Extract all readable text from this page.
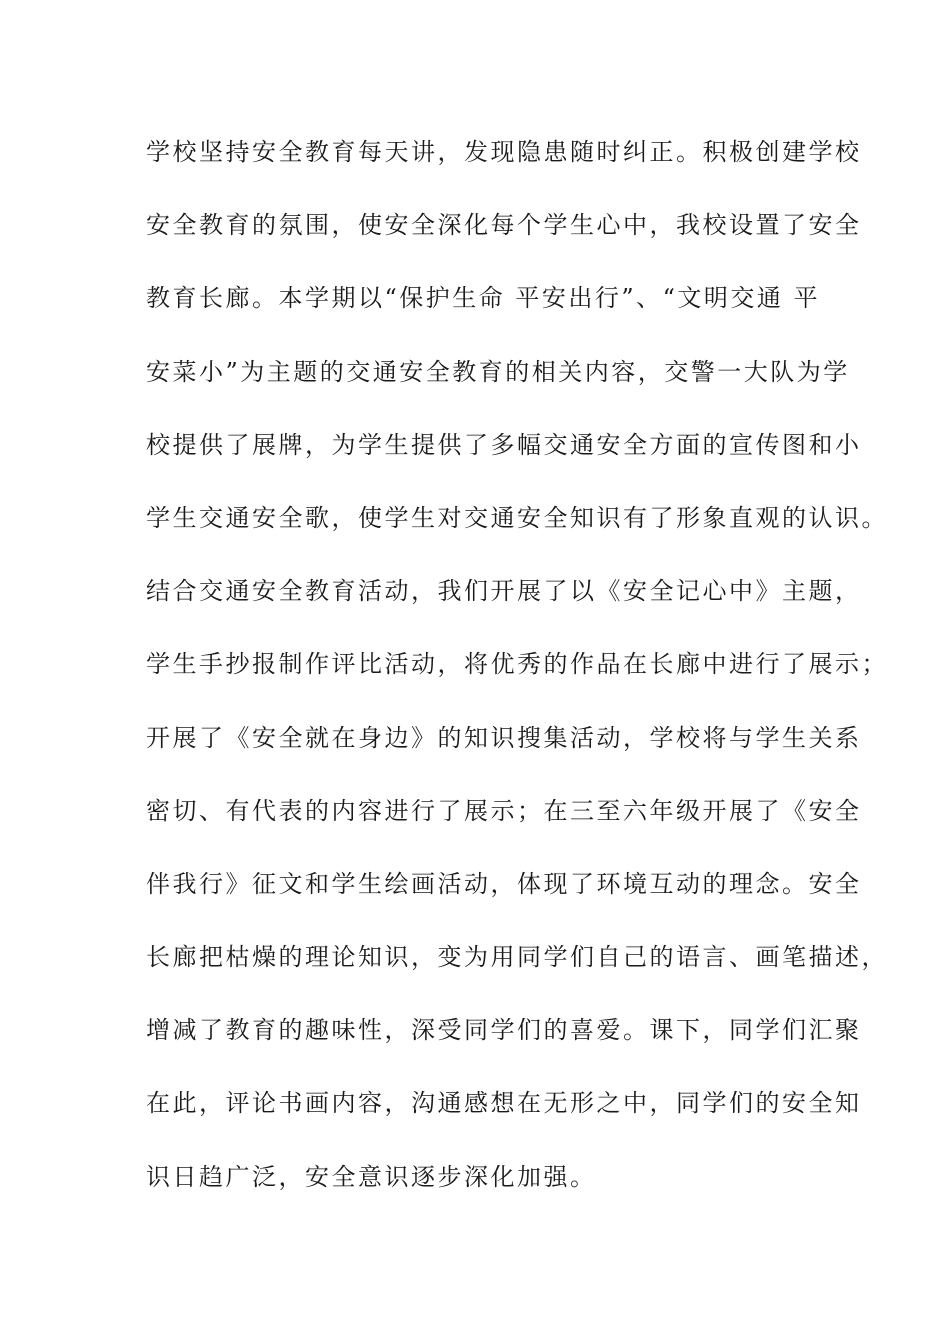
学校坚持安全教育每天讲，发现隐患随时纠正。积极创建学校
安全教育的氛围，使安全深化每个学生心中，我校设置了安全
教育长廊。本学期以“保护生命 平安出行”、“文明交通 平
安菜小”为主题的交通安全教育的相关内容，交警一大队为学
校提供了展牌，为学生提供了多幅交通安全方面的宣传图和小
学生交通安全歌，使学生对交通安全知识有了形象直观的认识。
结合交通安全教育活动，我们开展了以《安全记心中》主题，
学生手抄报制作评比活动，将优秀的作品在长廊中进行了展示；
开展了《安全就在身边》的知识搜集活动，学校将与学生关系
密切、有代表的内容进行了展示；在三至六年级开展了《安全
伴我行》征文和学生绘画活动，体现了环境互动的理念。安全
长廊把枯燥的理论知识，变为用同学们自己的语言、画笔描述，
增减了教育的趣味性，深受同学们的喜爱。课下，同学们汇聚
在此，评论书画内容，沟通感想在无形之中，同学们的安全知
识日趋广泛，安全意识逐步深化加强。
